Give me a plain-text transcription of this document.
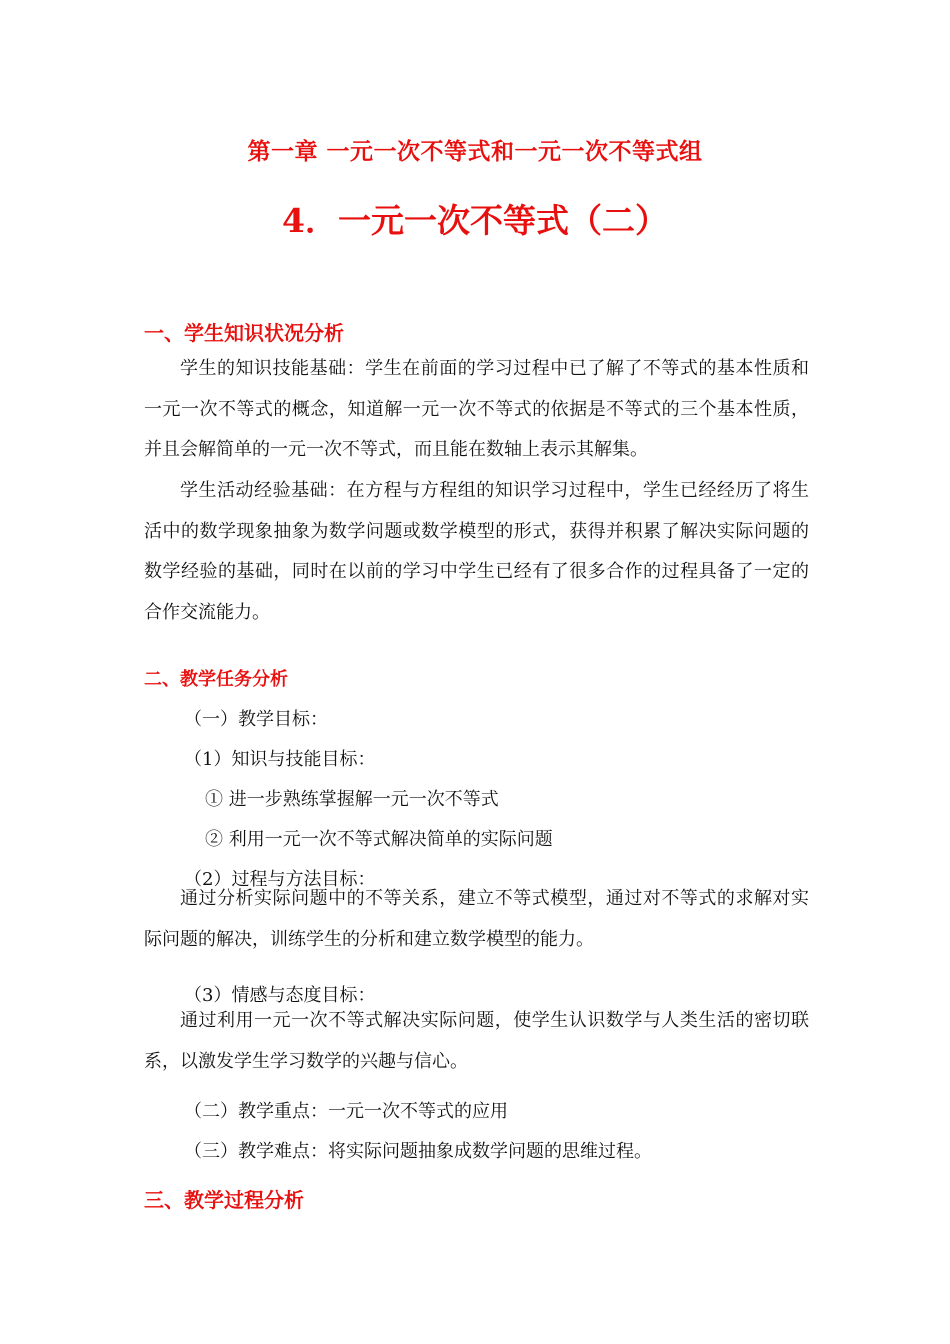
第一章 一元一次不等式和一元一次不等式组
4．一元一次不等式（二）
一、学生知识状况分析

学生的知识技能基础：学生在前面的学习过程中已了解了不等式的基本性质和一元一次不等式的概念，知道解一元一次不等式的依据是不等式的三个基本性质，并且会解简单的一元一次不等式，而且能在数轴上表示其解集。

学生活动经验基础：在方程与方程组的知识学习过程中，学生已经经历了将生活中的数学现象抽象为数学问题或数学模型的形式，获得并积累了解决实际问题的数学经验的基础，同时在以前的学习中学生已经有了很多合作的过程具备了一定的合作交流能力。

二、教学任务分析
（一）教学目标：
（1）知识与技能目标：
① 进一步熟练掌握解一元一次不等式
② 利用一元一次不等式解决简单的实际问题
（2）过程与方法目标：

通过分析实际问题中的不等关系，建立不等式模型，通过对不等式的求解对实际问题的解决，训练学生的分析和建立数学模型的能力。

（3）情感与态度目标：

通过利用一元一次不等式解决实际问题，使学生认识数学与人类生活的密切联系，以激发学生学习数学的兴趣与信心。

（二）教学重点：一元一次不等式的应用
（三）教学难点：将实际问题抽象成数学问题的思维过程。
三、教学过程分析
